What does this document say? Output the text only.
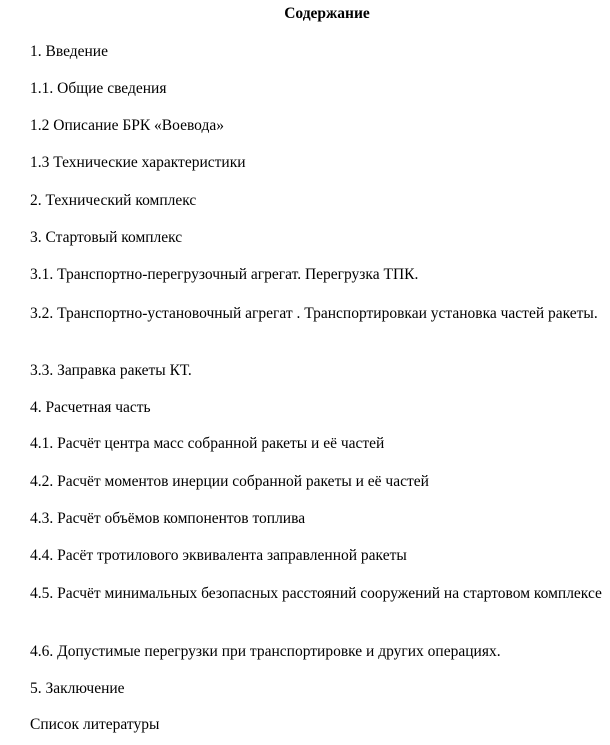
Содержание
1. Введение
1.1. Общие сведения
1.2 Описание БРК «Воевода»
1.3 Технические характеристики
2. Технический комплекс
3. Стартовый комплекс
3.1. Транспортно-перегрузочный агрегат. Перегрузка ТПК.
3.2. Транспортно-установочный агрегат . Транспортировкаи установка частей ракеты.
3.3. Заправка ракеты КТ.
4. Расчетная часть
4.1. Расчёт центра масс собранной ракеты и её частей
4.2. Расчёт моментов инерции собранной ракеты и её частей
4.3. Расчёт объёмов компонентов топлива
4.4. Расёт тротилового эквивалента заправленной ракеты
4.5. Расчёт минимальных безопасных расстояний сооружений на стартовом комплексе
4.6. Допустимые перегрузки при транспортировке и других операциях.
5. Заключение
Список литературы
